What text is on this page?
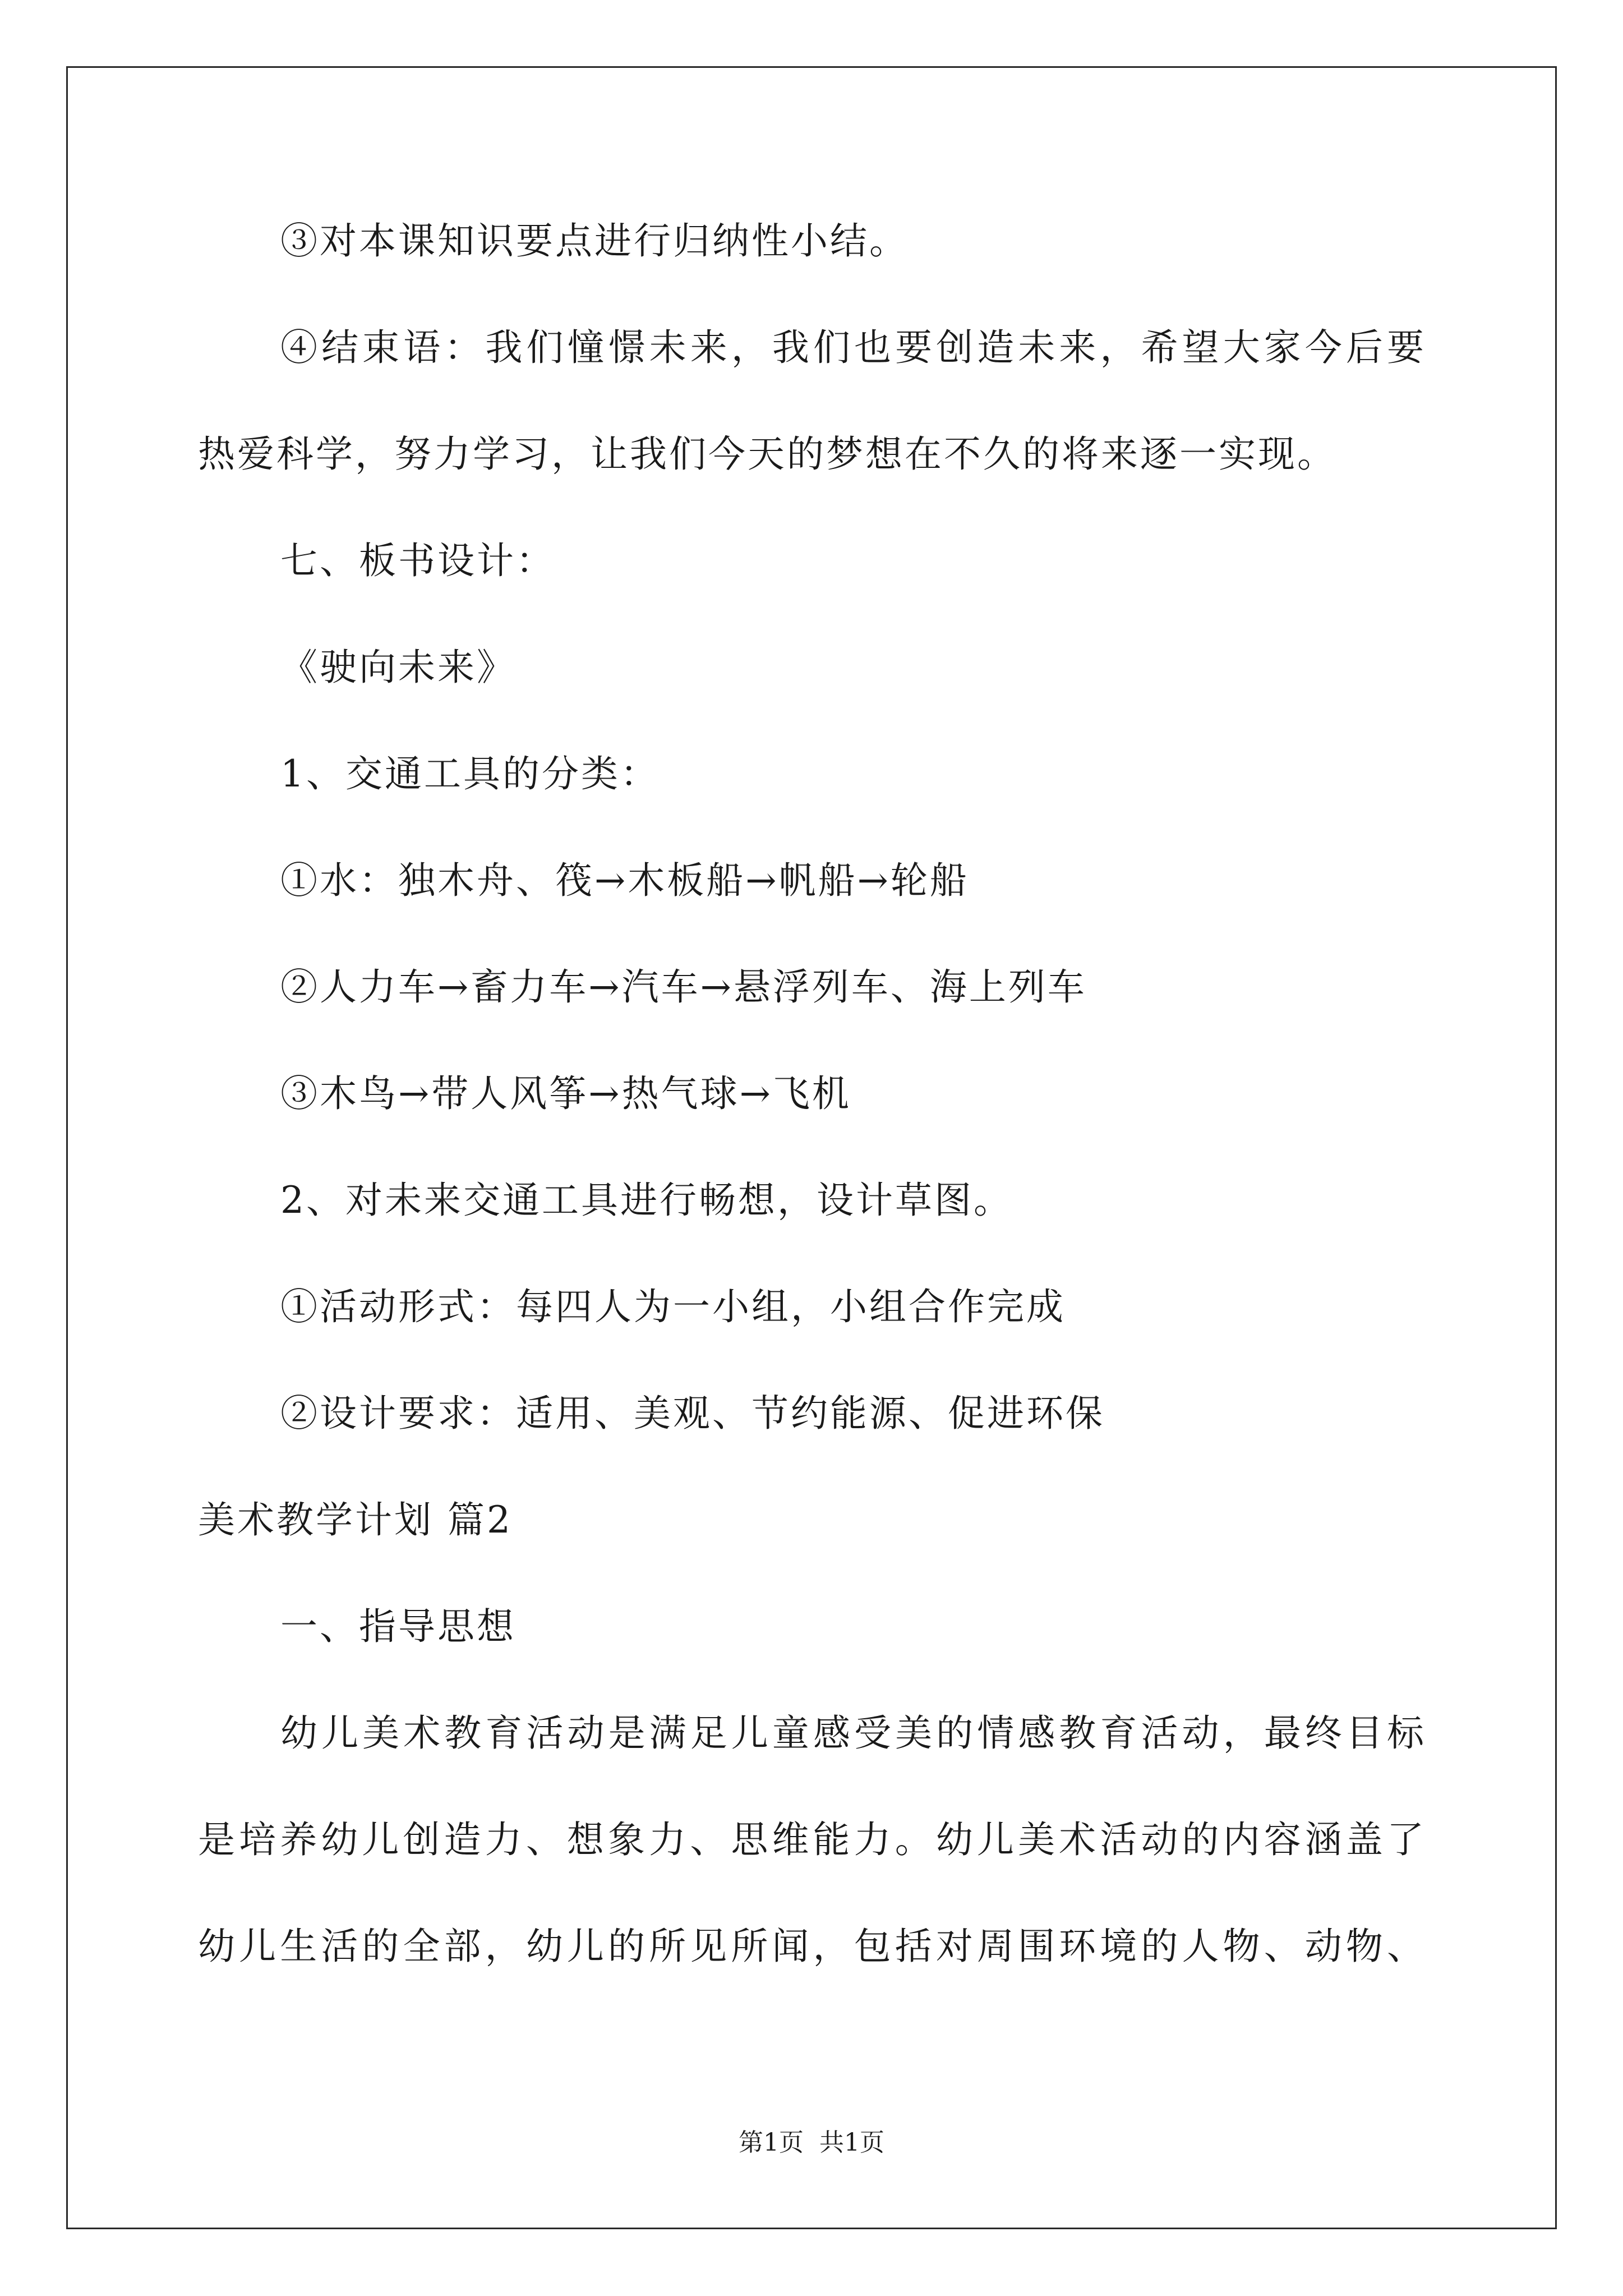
③对本课知识要点进行归纳性小结。
④结束语：我们憧憬未来，我们也要创造未来，希望大家今后要
热爱科学，努力学习，让我们今天的梦想在不久的将来逐一实现。
七、板书设计：
《驶向未来》
1、交通工具的分类：
①水：独木舟、筏→木板船→帆船→轮船
②人力车→畜力车→汽车→悬浮列车、海上列车
③木鸟→带人风筝→热气球→飞机
2、对未来交通工具进行畅想，设计草图。
①活动形式：每四人为一小组，小组合作完成
②设计要求：适用、美观、节约能源、促进环保
美术教学计划 篇2
一、指导思想
幼儿美术教育活动是满足儿童感受美的情感教育活动，最终目标
是培养幼儿创造力、想象力、思维能力。幼儿美术活动的内容涵盖了
幼儿生活的全部，幼儿的所见所闻，包括对周围环境的人物、动物、
第1页 共1页
